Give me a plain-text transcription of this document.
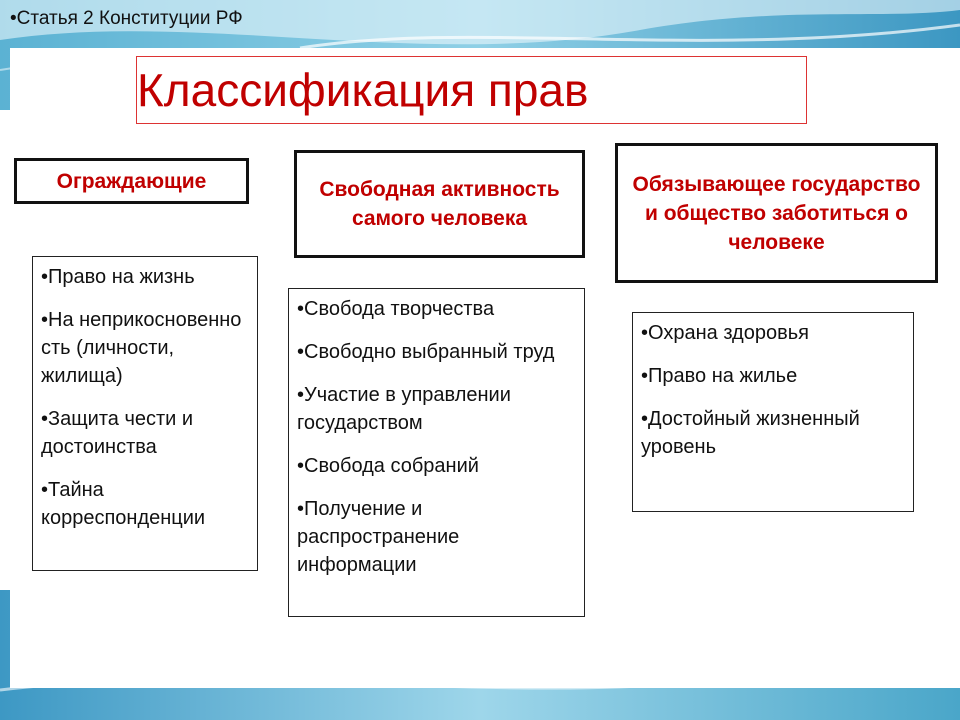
•Статья 2 Конституции РФ
Классификация прав
Ограждающие
• Право на жизнь
• На неприкосновенно сть (личности, жилища)
• Защита чести и достоинства
• Тайна корреспонденции
Свободная активность самого человека
• Свобода творчества
• Свободно выбранный труд
• Участие в управлении государством
• Свобода собраний
• Получение и распространение информации
Обязывающее государство и общество заботиться о человеке
• Охрана здоровья
• Право на жилье
• Достойный жизненный уровень
